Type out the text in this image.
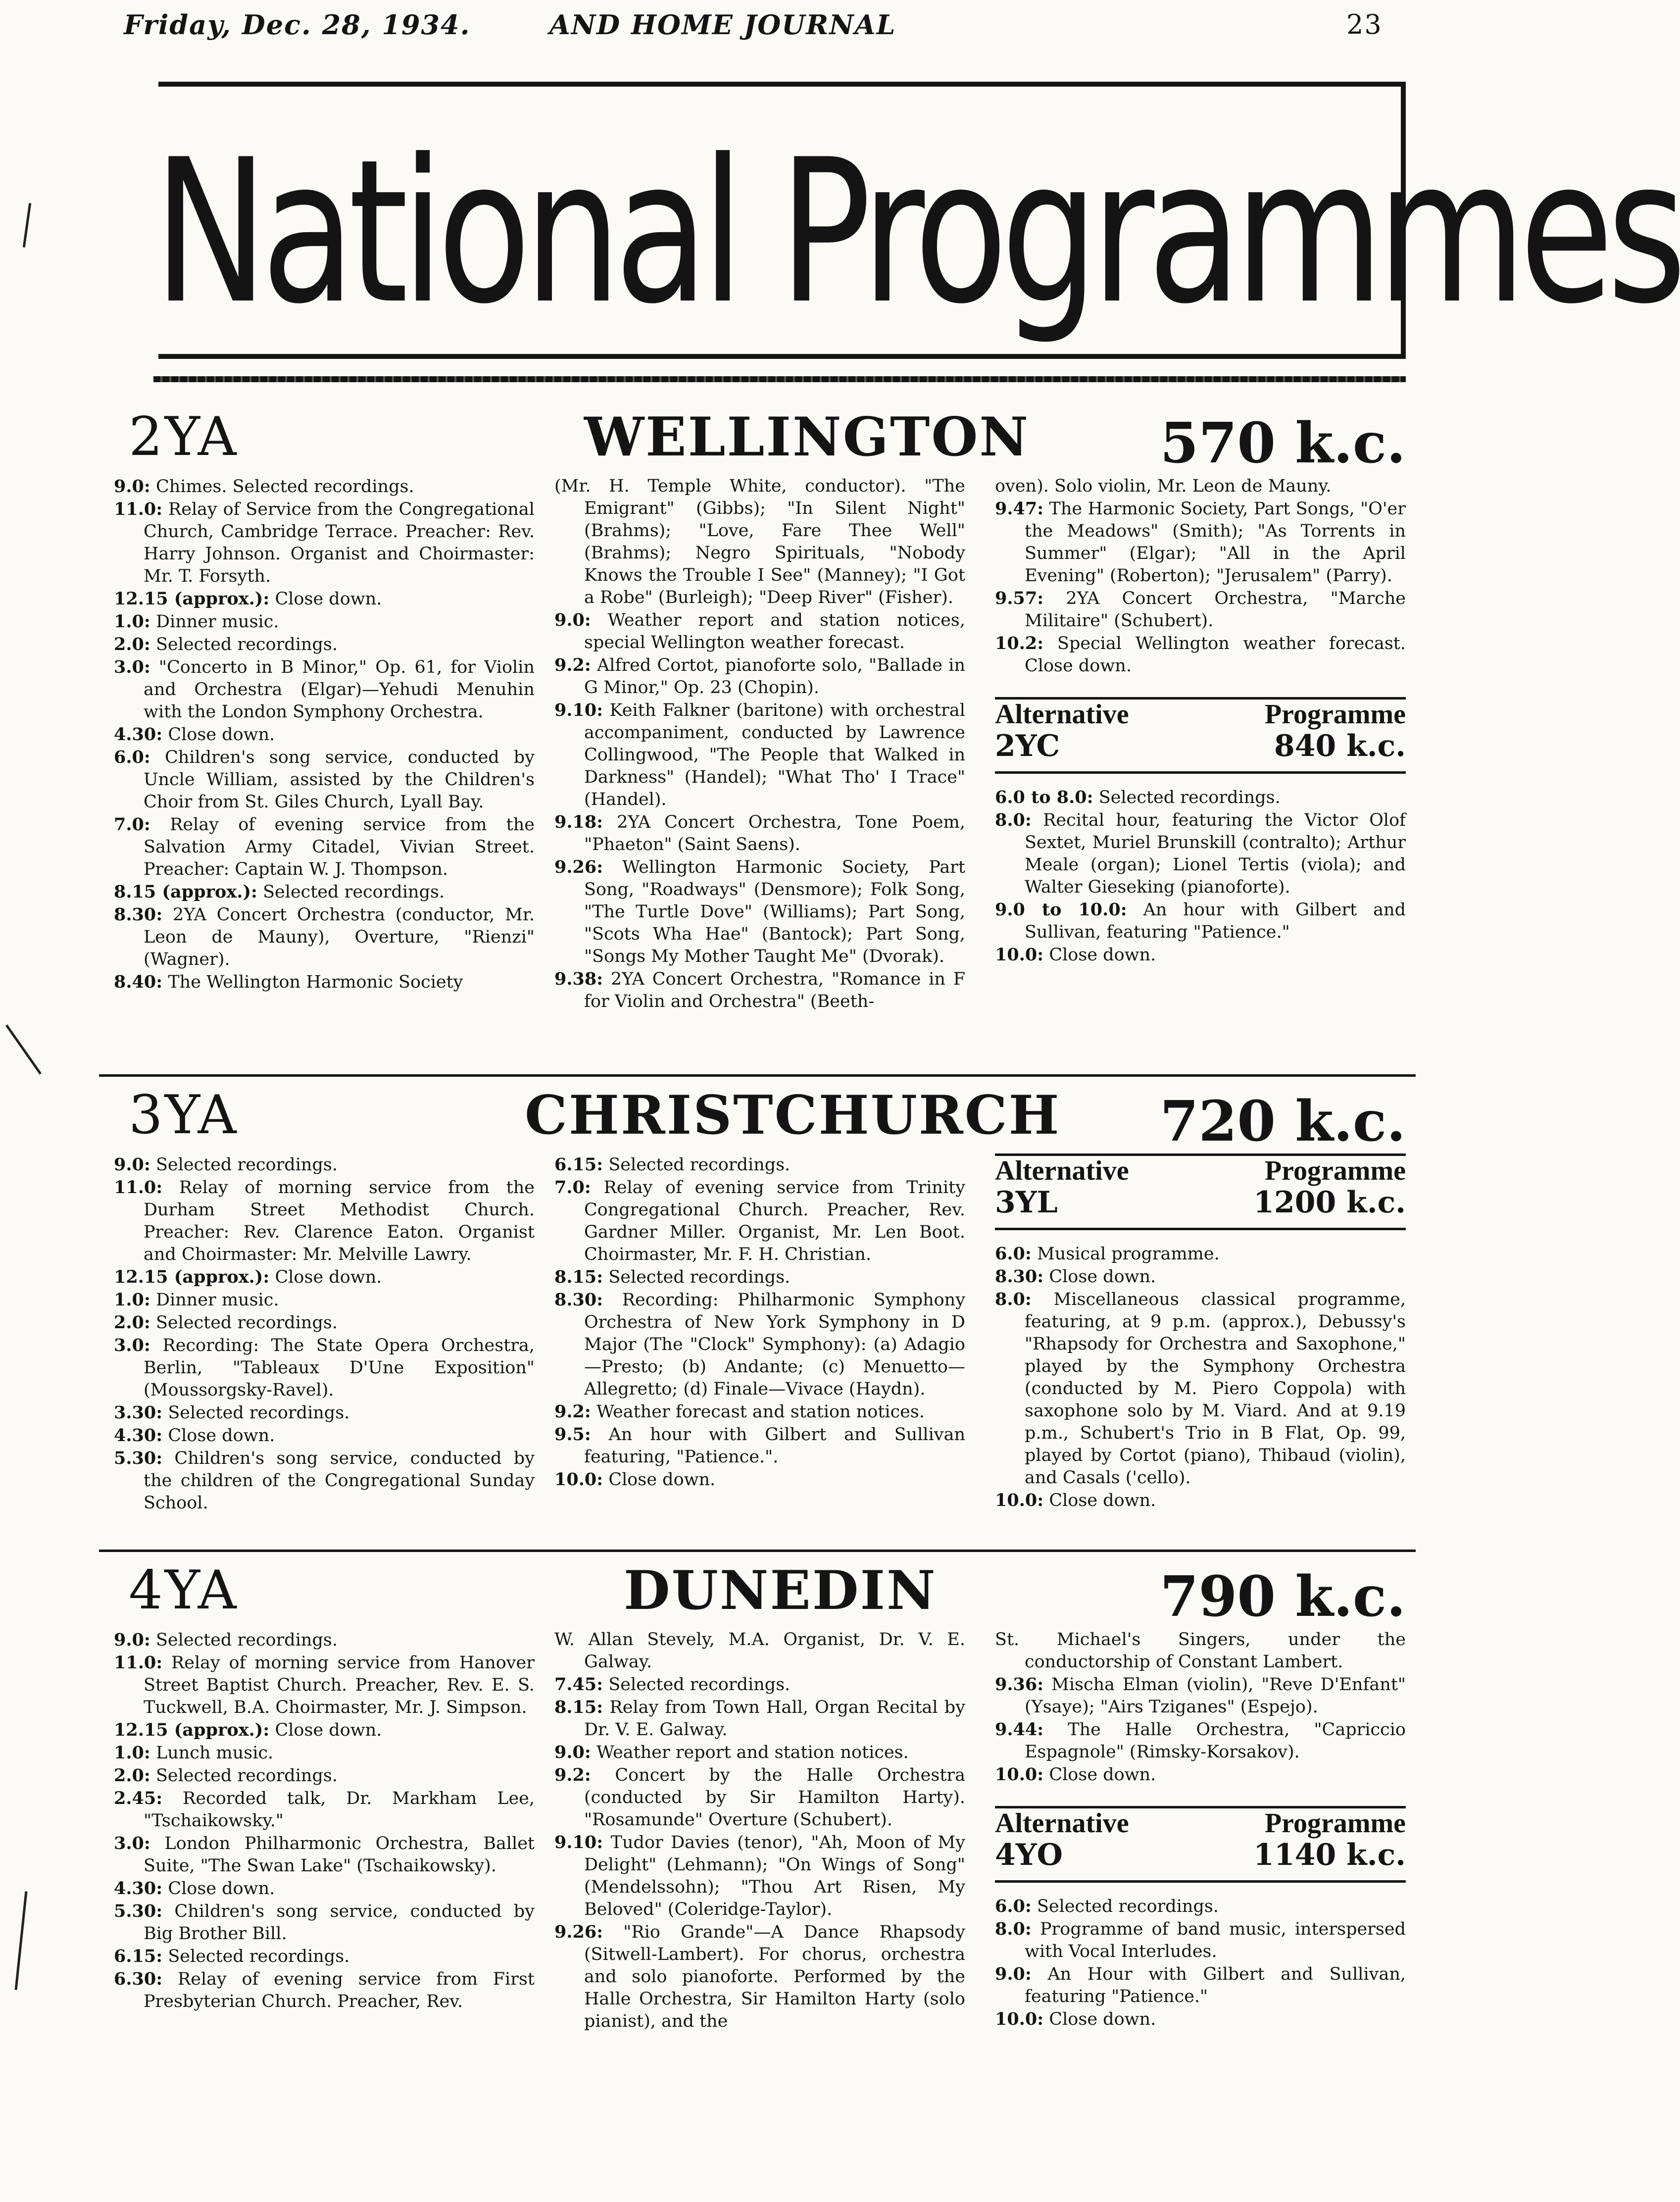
Friday, Dec. 28, 1934.	AND HOME JOURNAL	23
National Programmes
2YA	WELLINGTON 570 k.c.

9.0: Chimes. Selected recordings.

11.0: Relay of Service from the Congregational Church, Cambridge Terrace. Preacher: Rev. Harry Johnson. Organist and Choirmaster: Mr. T. Forsyth.

12.15 (approx.): Close down.

1.0: Dinner music.

2.0: Selected recordings.

3.0: "Concerto in B Minor," Op. 61, for Violin and Orchestra (Elgar)—Yehudi Menuhin with the London Symphony Orchestra.

4.30: Close down.

6.0: Children's song service, conducted by Uncle William, assisted by the Children's Choir from St. Giles Church, Lyall Bay.

7.0: Relay of evening service from the Salvation Army Citadel, Vivian Street. Preacher: Captain W. J. Thompson.

8.15 (approx.): Selected recordings.

8.30: 2YA Concert Orchestra (conductor, Mr. Leon de Mauny), Overture, "Rienzi" (Wagner).

8.40: The Wellington Harmonic Society

(Mr. H. Temple White, conductor). "The Emigrant" (Gibbs); "In Silent Night" (Brahms); "Love, Fare Thee Well" (Brahms); Negro Spirituals, "Nobody Knows the Trouble I See" (Manney); "I Got a Robe" (Burleigh); "Deep River" (Fisher).

9.0: Weather report and station notices, special Wellington weather forecast.

9.2: Alfred Cortot, pianoforte solo, "Ballade in G Minor," Op. 23 (Chopin).

9.10: Keith Falkner (baritone) with orchestral accompaniment, conducted by Lawrence Collingwood, "The People that Walked in Darkness" (Handel); "What Tho' I Trace" (Handel).

9.18: 2YA Concert Orchestra, Tone Poem, "Phaeton" (Saint Saens).

9.26: Wellington Harmonic Society, Part Song, "Roadways" (Densmore); Folk Song, "The Turtle Dove" (Williams); Part Song, "Scots Wha Hae" (Bantock); Part Song, "Songs My Mother Taught Me" (Dvorak).

9.38: 2YA Concert Orchestra, "Romance in F for Violin and Orchestra" (Beeth-

oven). Solo violin, Mr. Leon de Mauny.

9.47: The Harmonic Society, Part Songs, "O'er the Meadows" (Smith); "As Torrents in Summer" (Elgar); "All in the April Evening" (Roberton); "Jerusalem" (Parry).

9.57: 2YA Concert Orchestra, "Marche Militaire" (Schubert).

10.2: Special Wellington weather forecast. Close down.

Alternative	Programme
2YC	840 k.c.

6.0 to 8.0: Selected recordings.

8.0: Recital hour, featuring the Victor Olof Sextet, Muriel Brunskill (contralto); Arthur Meale (organ); Lionel Tertis (viola); and Walter Gieseking (pianoforte).

9.0 to 10.0: An hour with Gilbert and Sullivan, featuring "Patience."

10.0: Close down.

3YA	CHRISTCHURCH 720 k.c.

9.0: Selected recordings.

11.0: Relay of morning service from the Durham Street Methodist Church. Preacher: Rev. Clarence Eaton. Organist and Choirmaster: Mr. Melville Lawry.

12.15 (approx.): Close down.

1.0: Dinner music.

2.0: Selected recordings.

3.0: Recording: The State Opera Orchestra, Berlin, "Tableaux D'Une Exposition" (Moussorgsky-Ravel).

3.30: Selected recordings.

4.30: Close down.

5.30: Children's song service, conducted by the children of the Congregational Sunday School.

6.15: Selected recordings.

7.0: Relay of evening service from Trinity Congregational Church. Preacher, Rev. Gardner Miller. Organist, Mr. Len Boot. Choirmaster, Mr. F. H. Christian.

8.15: Selected recordings.

8.30: Recording: Philharmonic Symphony Orchestra of New York Symphony in D Major (The "Clock" Symphony): (a) Adagio—Presto; (b) Andante; (c) Menuetto—Allegretto; (d) Finale—Vivace (Haydn).

9.2: Weather forecast and station notices.

9.5: An hour with Gilbert and Sullivan featuring, "Patience.".

10.0: Close down.

Alternative	Programme
3YL	1200 k.c.

6.0: Musical programme.

8.30: Close down.

8.0: Miscellaneous classical programme, featuring, at 9 p.m. (approx.), Debussy's "Rhapsody for Orchestra and Saxophone," played by the Symphony Orchestra (conducted by M. Piero Coppola) with saxophone solo by M. Viard. And at 9.19 p.m., Schubert's Trio in B Flat, Op. 99, played by Cortot (piano), Thibaud (violin), and Casals ('cello).

10.0: Close down.

4YA	DUNEDIN	790 k.c.

9.0: Selected recordings.

11.0: Relay of morning service from Hanover Street Baptist Church. Preacher, Rev. E. S. Tuckwell, B.A. Choirmaster, Mr. J. Simpson.

12.15 (approx.): Close down.

1.0: Lunch music.

2.0: Selected recordings.

2.45: Recorded talk, Dr. Markham Lee, "Tschaikowsky."

3.0: London Philharmonic Orchestra, Ballet Suite, "The Swan Lake" (Tschaikowsky).

4.30: Close down.

5.30: Children's song service, conducted by Big Brother Bill.

6.15: Selected recordings.

6.30: Relay of evening service from First Presbyterian Church. Preacher, Rev.

W. Allan Stevely, M.A. Organist, Dr. V. E. Galway.

7.45: Selected recordings.

8.15: Relay from Town Hall, Organ Recital by Dr. V. E. Galway.

9.0: Weather report and station notices.

9.2: Concert by the Halle Orchestra (conducted by Sir Hamilton Harty). "Rosamunde" Overture (Schubert).

9.10: Tudor Davies (tenor), "Ah, Moon of My Delight" (Lehmann); "On Wings of Song" (Mendelssohn); "Thou Art Risen, My Beloved" (Coleridge-Taylor).

9.26: "Rio Grande"—A Dance Rhapsody (Sitwell-Lambert). For chorus, orchestra and solo pianoforte. Performed by the Halle Orchestra, Sir Hamilton Harty (solo pianist), and the

St. Michael's Singers, under the conductorship of Constant Lambert.

9.36: Mischa Elman (violin), "Reve D'Enfant" (Ysaye); "Airs Tziganes" (Espejo).

9.44: The Halle Orchestra, "Capriccio Espagnole" (Rimsky-Korsakov).

10.0: Close down.

Alternative	Programme
4YO	1140 k.c.

6.0: Selected recordings.

8.0: Programme of band music, interspersed with Vocal Interludes.

9.0: An Hour with Gilbert and Sullivan, featuring "Patience."

10.0: Close down.
